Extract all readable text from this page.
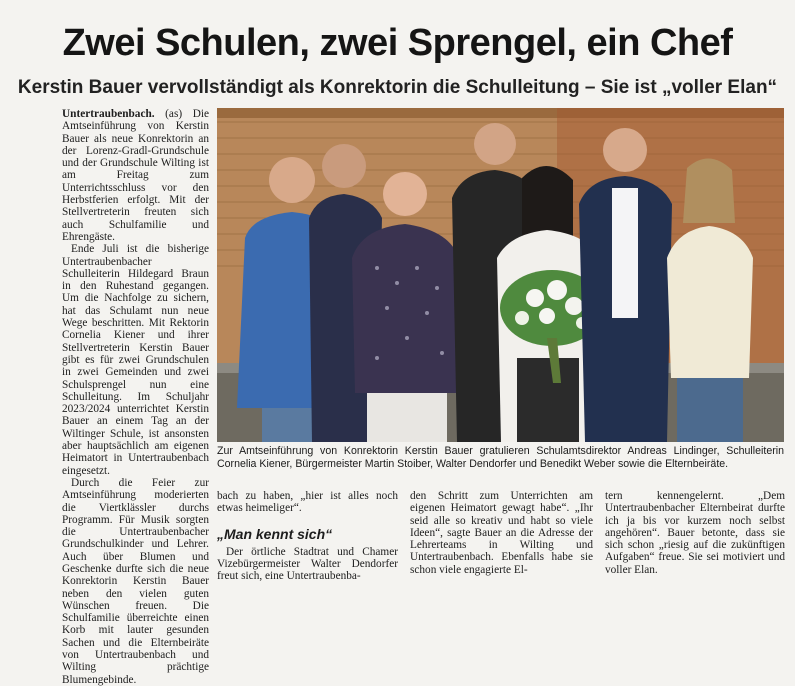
Zwei Schulen, zwei Sprengel, ein Chef
Kerstin Bauer vervollständigt als Konrektorin die Schulleitung – Sie ist „voller Elan“

Untertraubenbach. (as) Die Amtseinführung von Kerstin Bauer als neue Konrektorin an der Lorenz-Gradl-Grundschule und der Grundschule Wilting ist am Freitag zum Unterrichtsschluss vor den Herbstferien erfolgt. Mit der Stellvertreterin freuten sich auch Schulfamilie und Ehrengäste.

Ende Juli ist die bisherige Untertraubenbacher Schulleiterin Hildegard Braun in den Ruhestand gegangen. Um die Nachfolge zu sichern, hat das Schulamt nun neue Wege beschritten. Mit Rektorin Cornelia Kiener und ihrer Stellvertreterin Kerstin Bauer gibt es für zwei Grundschulen in zwei Gemeinden und zwei Schulsprengel nun eine Schulleitung. Im Schuljahr 2023/2024 unterrichtet Kerstin Bauer an einem Tag an der Wiltinger Schule, ist ansonsten aber hauptsächlich am eigenen Heimatort in Untertraubenbach eingesetzt.

Durch die Feier zur Amtseinführung moderierten die Viertklässler durchs Programm. Für Musik sorgten die Untertraubenbacher Grundschulkinder und Lehrer. Auch über Blumen und Geschenke durfte sich die neue Konrektorin Kerstin Bauer neben den vielen guten Wünschen freuen. Die Schulfamilie überreichte einen Korb mit lauter gesunden Sachen und die Elternbeiräte von Untertraubenbach und Wilting prächtige Blumengebinde.

Zur Amtseinführung von Konrektorin Kerstin Bauer gratulieren Schulamtsdirektor Andreas Lindinger, Schulleiterin Cornelia Kiener, Bürgermeister Martin Stoiber, Walter Dendorfer und Benedikt Weber sowie die Elternbeiräte.

bach zu haben, „hier ist alles noch etwas heimeliger“.

„Man kennt sich“

Der örtliche Stadtrat und Chamer Vizebürgermeister Walter Dendorfer freut sich, eine Untertraubenba-

den Schritt zum Unterrichten am eigenen Heimatort gewagt habe“. „Ihr seid alle so kreativ und habt so viele Ideen“, sagte Bauer an die Adresse der Lehrerteams in Wilting und Untertraubenbach. Ebenfalls habe sie schon viele engagierte El-

tern kennengelernt. „Dem Untertraubenbacher Elternbeirat durfte ich ja bis vor kurzem noch selbst angehören“. Bauer betonte, dass sie sich schon „riesig auf die zukünftigen Aufgaben“ freue. Sie sei motiviert und voller Elan.
